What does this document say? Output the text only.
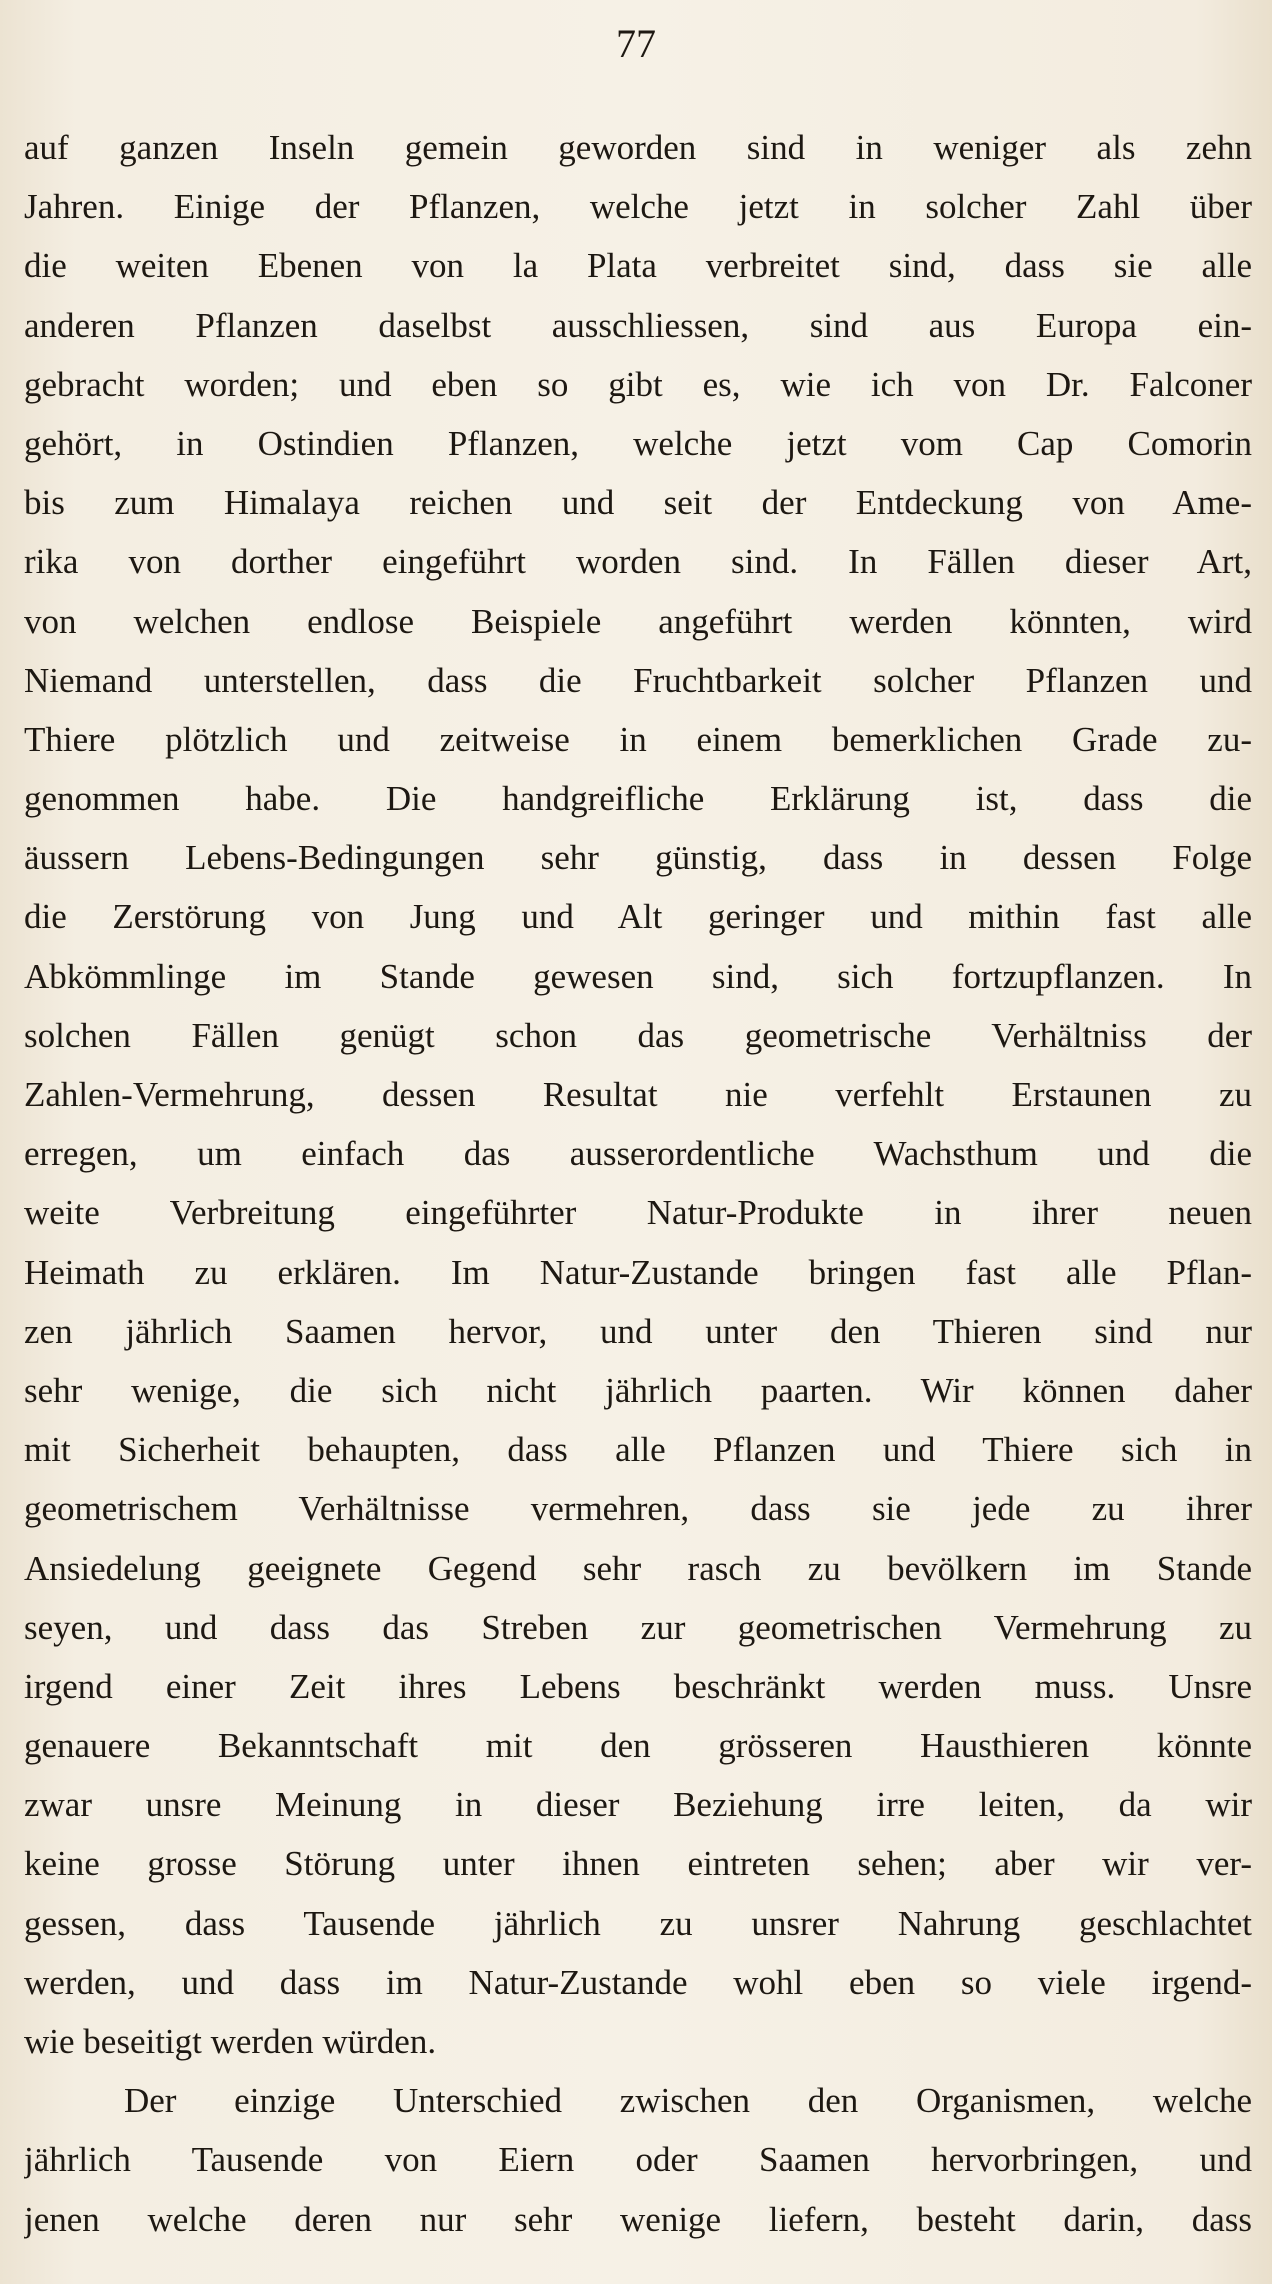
77
auf ganzen Inseln gemein geworden sind in weniger als zehn
Jahren. Einige der Pflanzen, welche jetzt in solcher Zahl über
die weiten Ebenen von la Plata verbreitet sind, dass sie alle
anderen Pflanzen daselbst ausschliessen, sind aus Europa ein-
gebracht worden; und eben so gibt es, wie ich von Dr. Falconer
gehört, in Ostindien Pflanzen, welche jetzt vom Cap Comorin
bis zum Himalaya reichen und seit der Entdeckung von Ame-
rika von dorther eingeführt worden sind. In Fällen dieser Art,
von welchen endlose Beispiele angeführt werden könnten, wird
Niemand unterstellen, dass die Fruchtbarkeit solcher Pflanzen und
Thiere plötzlich und zeitweise in einem bemerklichen Grade zu-
genommen habe. Die handgreifliche Erklärung ist, dass die
äussern Lebens-Bedingungen sehr günstig, dass in dessen Folge
die Zerstörung von Jung und Alt geringer und mithin fast alle
Abkömmlinge im Stande gewesen sind, sich fortzupflanzen. In
solchen Fällen genügt schon das geometrische Verhältniss der
Zahlen-Vermehrung, dessen Resultat nie verfehlt Erstaunen zu
erregen, um einfach das ausserordentliche Wachsthum und die
weite Verbreitung eingeführter Natur-Produkte in ihrer neuen
Heimath zu erklären. Im Natur-Zustande bringen fast alle Pflan-
zen jährlich Saamen hervor, und unter den Thieren sind nur
sehr wenige, die sich nicht jährlich paarten. Wir können daher
mit Sicherheit behaupten, dass alle Pflanzen und Thiere sich in
geometrischem Verhältnisse vermehren, dass sie jede zu ihrer
Ansiedelung geeignete Gegend sehr rasch zu bevölkern im Stande
seyen, und dass das Streben zur geometrischen Vermehrung zu
irgend einer Zeit ihres Lebens beschränkt werden muss. Unsre
genauere Bekanntschaft mit den grösseren Hausthieren könnte
zwar unsre Meinung in dieser Beziehung irre leiten, da wir
keine grosse Störung unter ihnen eintreten sehen; aber wir ver-
gessen, dass Tausende jährlich zu unsrer Nahrung geschlachtet
werden, und dass im Natur-Zustande wohl eben so viele irgend-
wie beseitigt werden würden.
Der einzige Unterschied zwischen den Organismen, welche
jährlich Tausende von Eiern oder Saamen hervorbringen, und
jenen welche deren nur sehr wenige liefern, besteht darin, dass
